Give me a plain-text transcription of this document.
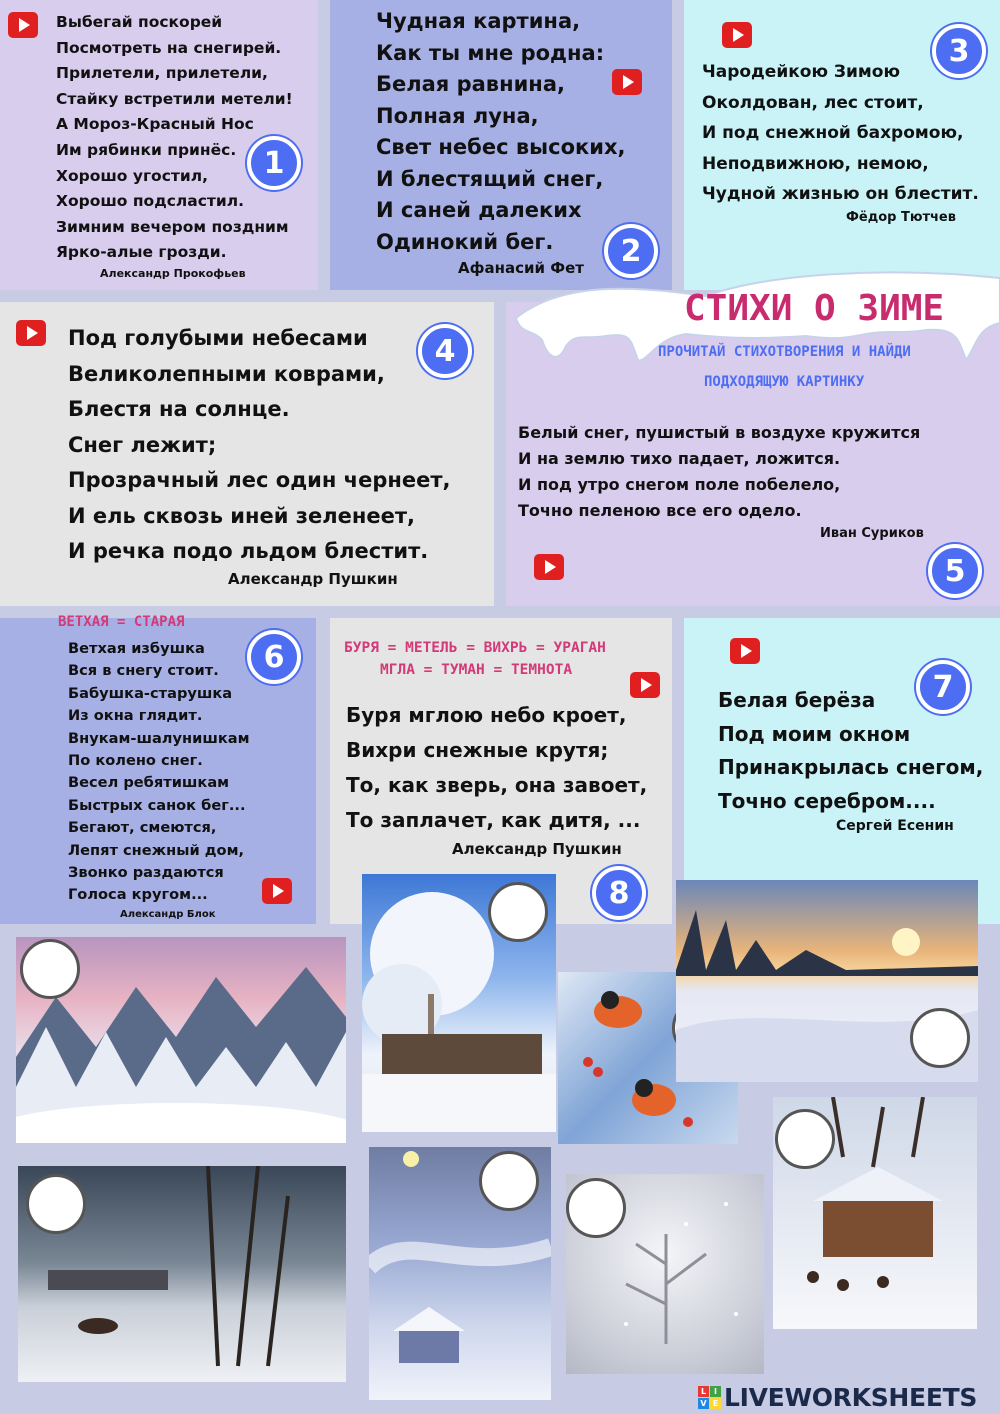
Выбегай поскорей
Посмотреть на снегирей.
Прилетели, прилетели,
Стайку встретили метели!
А Мороз-Красный Нос
Им рябинки принёс.
Хорошо угостил,
Хорошо подсластил.
Зимним вечером поздним
Ярко-алые грозди.
Александр Прокофьев
1
Чудная картина,
Как ты мне родна:
Белая равнина,
Полная луна,
Свет небес высоких,
И блестящий снег,
И саней далеких
Одинокий бег.
Афанасий Фет	2
3
Чародейкою Зимою
Околдован, лес стоит,
И под снежной бахромою,
Неподвижною, немою,
Чудной жизнью он блестит.
Фёдор Тютчев
Под голубыми небесами
Великолепными коврами,
Блестя на солнце.
Снег лежит;
Прозрачный лес один чернеет,
И ель сквозь иней зеленеет,
И речка подо льдом блестит.
4
Александр Пушкин
СТИХИ О ЗИМЕ
ПРОЧИТАЙ СТИХОТВОРЕНИЯ И НАЙДИ
ПОДХОДЯЩУЮ КАРТИНКУ
Белый снег, пушистый в воздухе кружится
И на землю тихо падает, ложится.
И под утро снегом поле побелело,
Точно пеленою все его одело.
Иван Суриков
5
ВЕТХАЯ = СТАРАЯ
Ветхая избушка
Вся в снегу стоит.
Бабушка-старушка
Из окна глядит.
Внукам-шалунишкам
По колено снег.
Весел ребятишкам
Быстрых санок бег...
Бегают, смеются,
Лепят снежный дом,
Звонко раздаются
Голоса кругом...
6
Александр Блок
БУРЯ = МЕТЕЛЬ = ВИХРЬ = УРАГАН
МГЛА = ТУМАН = ТЕМНОТА
Буря мглою небо кроет,
Вихри снежные крутя;
То, как зверь, она завоет,
То заплачет, как дитя, ...
Александр Пушкин
8
7
Белая берёза
Под моим окном
Принакрылась снегом,
Точно серебром....
Сергей Есенин
L I
V E LIVEWORKSHEETS
